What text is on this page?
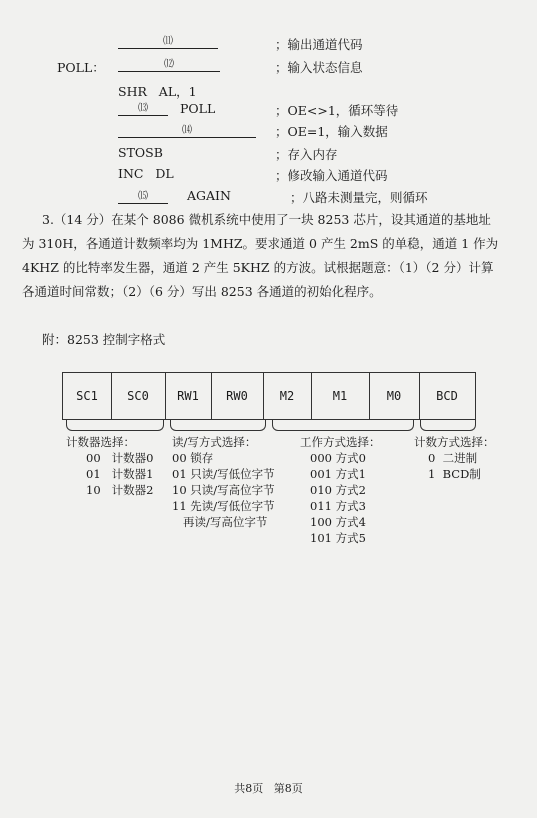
⑾	；输出通道代码
POLL：	⑿	；输入状态信息
SHR   AL，1
⒀	POLL	；OE<>1，循环等待
⒁	；OE=1，输入数据
STOSB	；存入内存
INC   DL	；修改输入通道代码
⒂	AGAIN	；八路未测量完，则循环
3.（14 分）在某个 8086 微机系统中使用了一块 8253 芯片，设其通道的基地址
为 310H，各通道计数频率均为 1MHZ。要求通道 0 产生 2mS 的单稳，通道 1 作为
4KHZ 的比特率发生器，通道 2 产生 5KHZ 的方波。试根据题意：（1）（2 分）计算
各通道时间常数；（2）（6 分）写出 8253 各通道的初始化程序。
附：8253 控制字格式
SC1	SC0	RW1	RW0	M2	M1	M0	BCD
计数器选择：
00   计数器0
01   计数器1
10   计数器2
读/写方式选择：
00 锁存
01 只读/写低位字节
10 只读/写高位字节
11 先读/写低位字节
再读/写高位字节
工作方式选择：
000 方式0
001 方式1
010 方式2
011 方式3
100 方式4
101 方式5
计数方式选择：
0  二进制
1  BCD制
共8页   第8页
